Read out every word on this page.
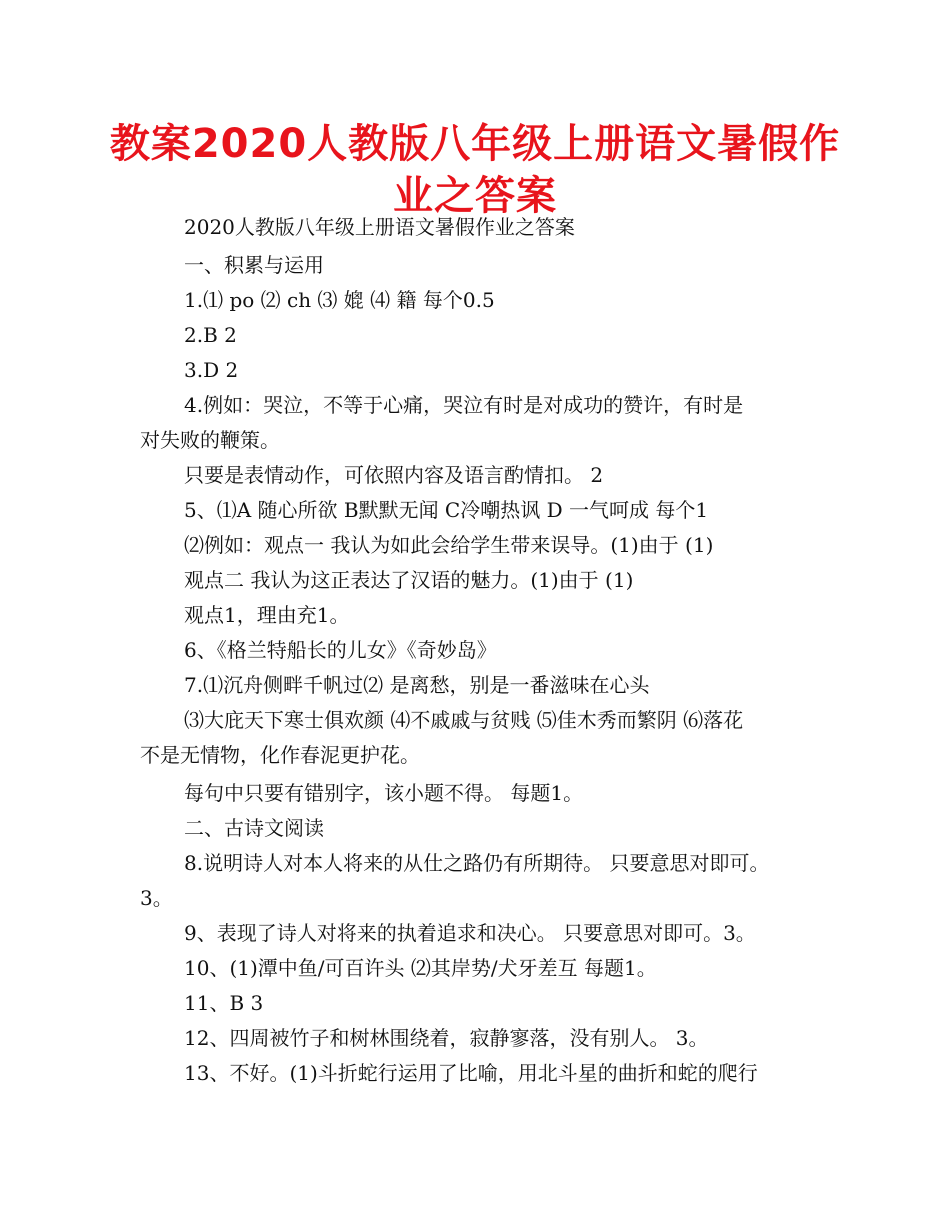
教案2020人教版八年级上册语文暑假作业之答案

2020人教版八年级上册语文暑假作业之答案

一、积累与运用

1.⑴ po ⑵ ch ⑶ 媲 ⑷ 籍 每个0.5

2.B 2

3.D 2

4.例如：哭泣，不等于心痛，哭泣有时是对成功的赞许，有时是

对失败的鞭策。

只要是表情动作，可依照内容及语言酌情扣。 2

5、⑴A 随心所欲 B默默无闻 C冷嘲热讽 D 一气呵成 每个1

⑵例如：观点一 我认为如此会给学生带来误导。(1)由于 (1)

观点二 我认为这正表达了汉语的魅力。(1)由于 (1)

观点1，理由充1。

6、《格兰特船长的儿女》《奇妙岛》

7.⑴沉舟侧畔千帆过⑵ 是离愁，别是一番滋味在心头

⑶大庇天下寒士俱欢颜 ⑷不戚戚与贫贱 ⑸佳木秀而繁阴 ⑹落花

不是无情物，化作春泥更护花。

每句中只要有错别字，该小题不得。 每题1。

二、古诗文阅读

8.说明诗人对本人将来的从仕之路仍有所期待。 只要意思对即可。

3。

9、表现了诗人对将来的执着追求和决心。 只要意思对即可。3。

10、(1)潭中鱼/可百许头 ⑵其岸势/犬牙差互 每题1。

11、B 3

12、四周被竹子和树林围绕着，寂静寥落，没有别人。 3。

13、不好。(1)斗折蛇行运用了比喻，用北斗星的曲折和蛇的爬行
